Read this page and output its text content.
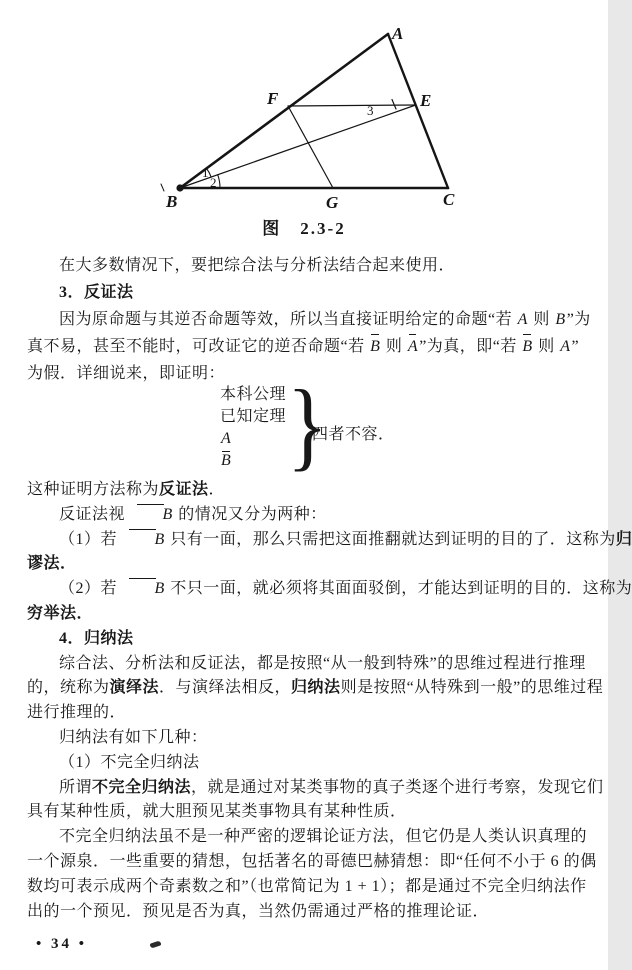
A
B	C
E
F
G
1
2
3
图　2.3-2

在大多数情况下，要把综合法与分析法结合起来使用．

3．反证法

因为原命题与其逆否命题等效，所以当直接证明给定的命题“若 A 则 B”为

真不易，甚至不能时，可改证它的逆否命题“若 B 则 A”为真，即“若 B 则 A”

为假．详细说来，即证明：

本科公理

已知定理

A

B }
四者不容．

这种证明方法称为反证法．

反证法视 B 的情况又分为两种：

（1）若 B 只有一面，那么只需把这面推翻就达到证明的目的了．这称为归

谬法．

（2）若 B 不只一面，就必须将其面面驳倒，才能达到证明的目的．这称为

穷举法．

4．归纳法

综合法、分析法和反证法，都是按照“从一般到特殊”的思维过程进行推理

的，统称为演绎法．与演绎法相反，归纳法则是按照“从特殊到一般”的思维过程

进行推理的．

归纳法有如下几种：

（1）不完全归纳法

所谓不完全归纳法，就是通过对某类事物的真子类逐个进行考察，发现它们

具有某种性质，就大胆预见某类事物具有某种性质．

不完全归纳法虽不是一种严密的逻辑论证方法，但它仍是人类认识真理的

一个源泉．一些重要的猜想，包括著名的哥德巴赫猜想：即“任何不小于 6 的偶

数均可表示成两个奇素数之和”（也常简记为 1 + 1）；都是通过不完全归纳法作

出的一个预见．预见是否为真，当然仍需通过严格的推理论证．

• 34 •
